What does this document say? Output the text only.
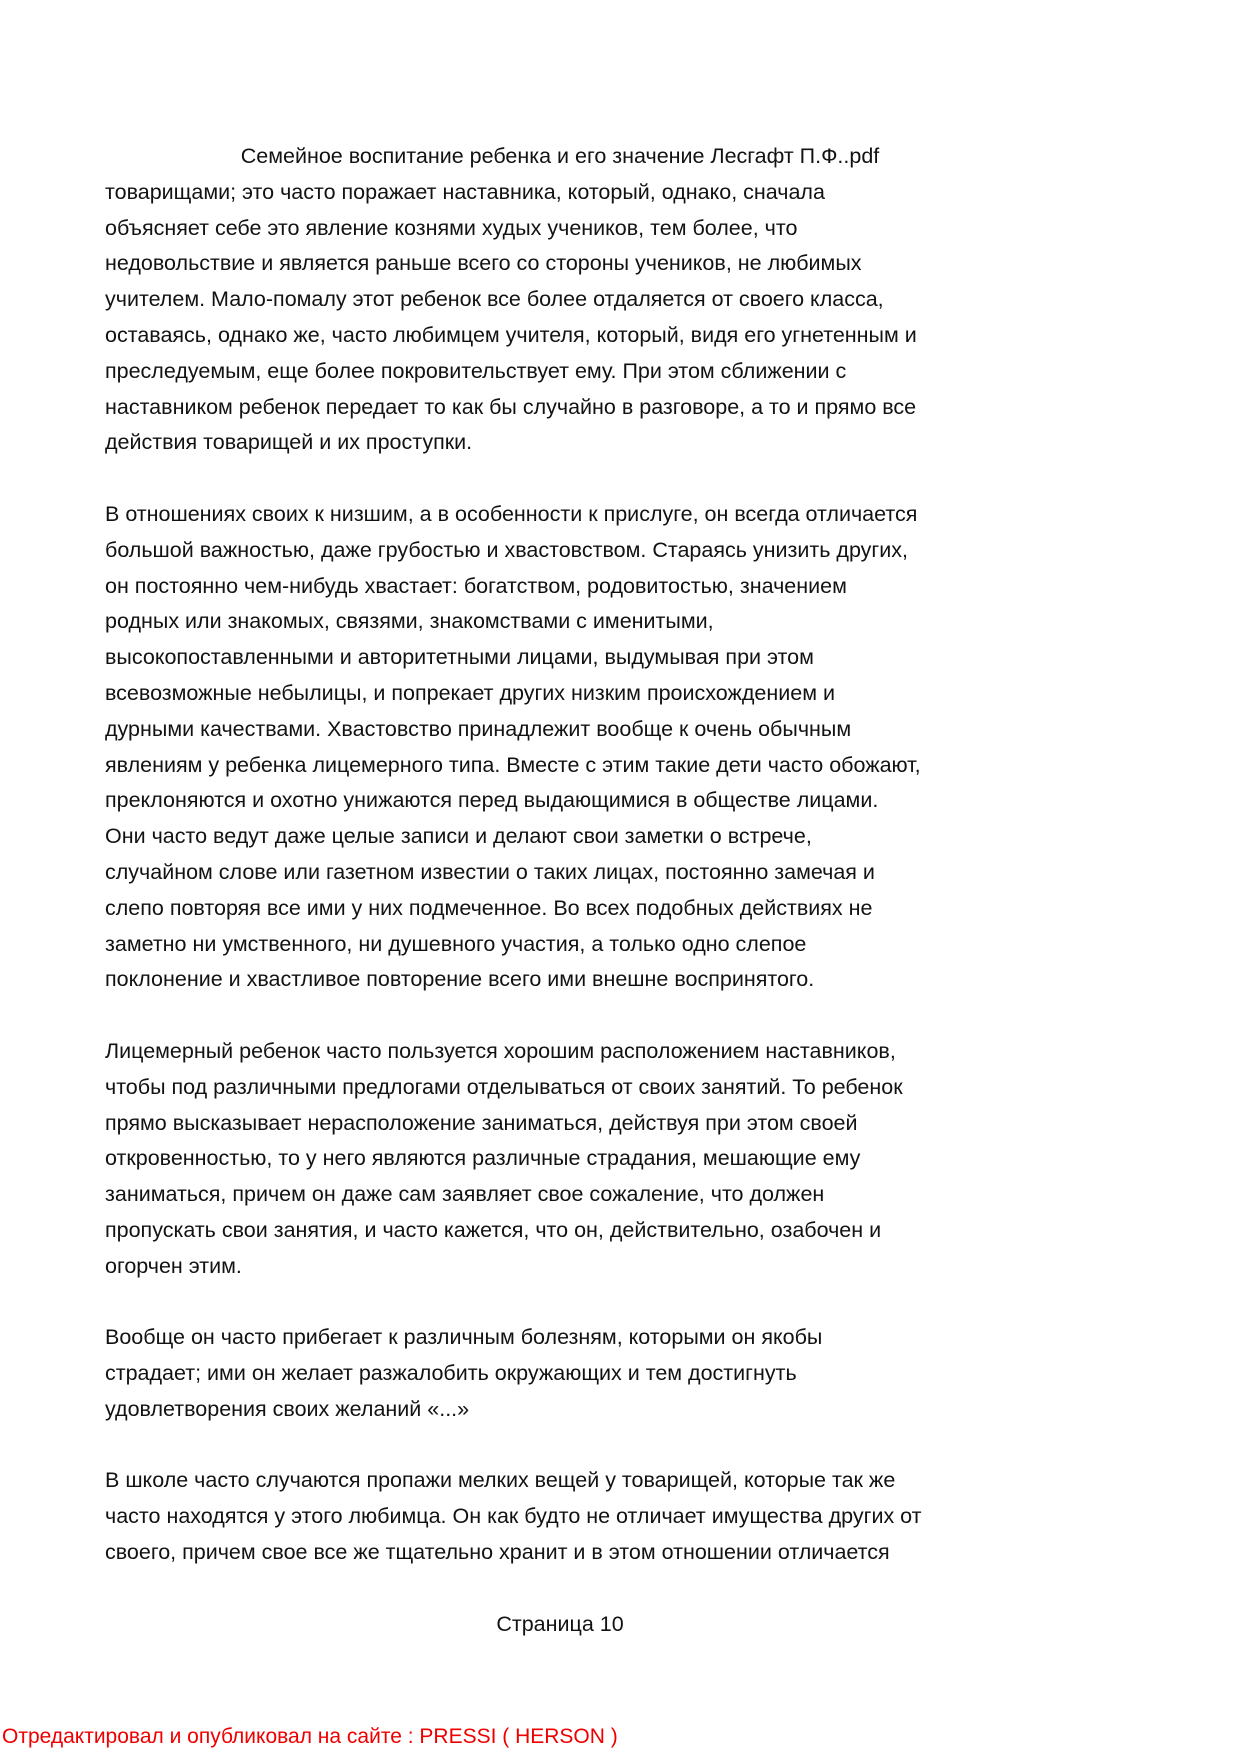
Семейное воспитание ребенка и его значение Лесгафт П.Ф..pdf
товарищами; это часто поражает наставника, который, однако, сначала
объясняет себе это явление кознями худых учеников, тем более, что
недовольствие и является раньше всего со стороны учеников, не любимых
учителем. Мало-помалу этот ребенок все более отдаляется от своего класса,
оставаясь, однако же, часто любимцем учителя, который, видя его угнетенным и
преследуемым, еще более покровительствует ему. При этом сближении с
наставником ребенок передает то как бы случайно в разговоре, а то и прямо все
действия товарищей и их проступки.
В отношениях своих к низшим, а в особенности к прислуге, он всегда отличается
большой важностью, даже грубостью и хвастовством. Стараясь унизить других,
он постоянно чем-нибудь хвастает: богатством, родовитостью, значением
родных или знакомых, связями, знакомствами с именитыми,
высокопоставленными и авторитетными лицами, выдумывая при этом
всевозможные небылицы, и попрекает других низким происхождением и
дурными качествами. Хвастовство принадлежит вообще к очень обычным
явлениям у ребенка лицемерного типа. Вместе с этим такие дети часто обожают,
преклоняются и охотно унижаются перед выдающимися в обществе лицами.
Они часто ведут даже целые записи и делают свои заметки о встрече,
случайном слове или газетном известии о таких лицах, постоянно замечая и
слепо повторяя все ими у них подмеченное. Во всех подобных действиях не
заметно ни умственного, ни душевного участия, а только одно слепое
поклонение и хвастливое повторение всего ими внешне воспринятого.
Лицемерный ребенок часто пользуется хорошим расположением наставников,
чтобы под различными предлогами отделываться от своих занятий. То ребенок
прямо высказывает нерасположение заниматься, действуя при этом своей
откровенностью, то у него являются различные страдания, мешающие ему
заниматься, причем он даже сам заявляет свое сожаление, что должен
пропускать свои занятия, и часто кажется, что он, действительно, озабочен и
огорчен этим.
Вообще он часто прибегает к различным болезням, которыми он якобы
страдает; ими он желает разжалобить окружающих и тем достигнуть
удовлетворения своих желаний «...»
В школе часто случаются пропажи мелких вещей у товарищей, которые так же
часто находятся у этого любимца. Он как будто не отличает имущества других от
своего, причем свое все же тщательно хранит и в этом отношении отличается
Страница 10
Отредактировал и опубликовал на сайте : PRESSI ( HERSON )
